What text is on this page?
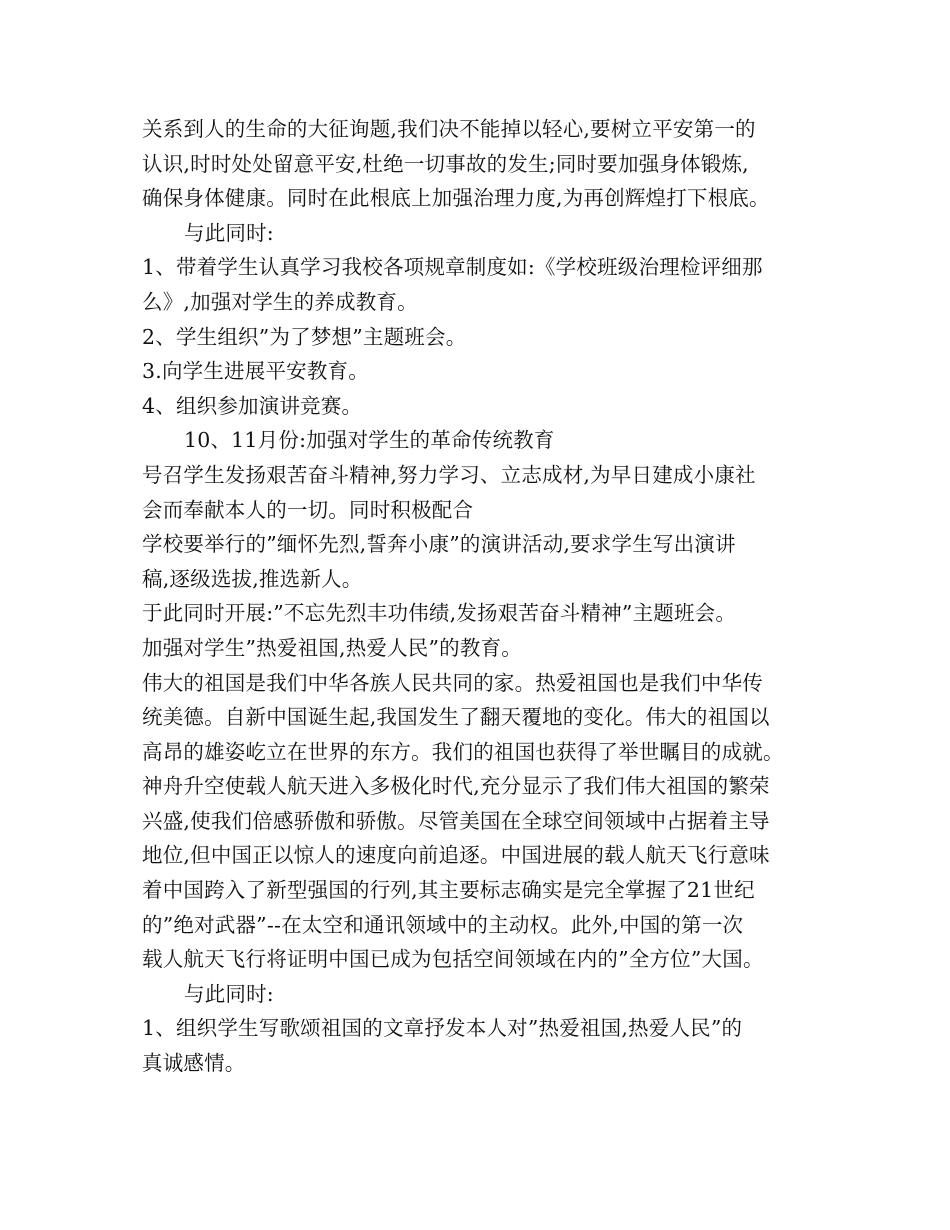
关系到人的生命的大征询题,我们决不能掉以轻心,要树立平安第一的
认识,时时处处留意平安,杜绝一切事故的发生;同时要加强身体锻炼,
确保身体健康。同时在此根底上加强治理力度,为再创辉煌打下根底。
与此同时:
1、带着学生认真学习我校各项规章制度如:《学校班级治理检评细那
么》,加强对学生的养成教育。
2、学生组织”为了梦想”主题班会。
3.向学生进展平安教育。
4、组织参加演讲竞赛。
10、11月份:加强对学生的革命传统教育
号召学生发扬艰苦奋斗精神,努力学习、立志成材,为早日建成小康社
会而奉献本人的一切。同时积极配合
学校要举行的”缅怀先烈,誓奔小康”的演讲活动,要求学生写出演讲
稿,逐级选拔,推选新人。
于此同时开展:”不忘先烈丰功伟绩,发扬艰苦奋斗精神”主题班会。
加强对学生”热爱祖国,热爱人民”的教育。
伟大的祖国是我们中华各族人民共同的家。热爱祖国也是我们中华传
统美德。自新中国诞生起,我国发生了翻天覆地的变化。伟大的祖国以
高昂的雄姿屹立在世界的东方。我们的祖国也获得了举世瞩目的成就。
神舟升空使载人航天进入多极化时代,充分显示了我们伟大祖国的繁荣
兴盛,使我们倍感骄傲和骄傲。尽管美国在全球空间领域中占据着主导
地位,但中国正以惊人的速度向前追逐。中国进展的载人航天飞行意味
着中国跨入了新型强国的行列,其主要标志确实是完全掌握了21世纪
的”绝对武器”--在太空和通讯领域中的主动权。此外,中国的第一次
载人航天飞行将证明中国已成为包括空间领域在内的”全方位”大国。
与此同时:
1、组织学生写歌颂祖国的文章抒发本人对”热爱祖国,热爱人民”的
真诚感情。
